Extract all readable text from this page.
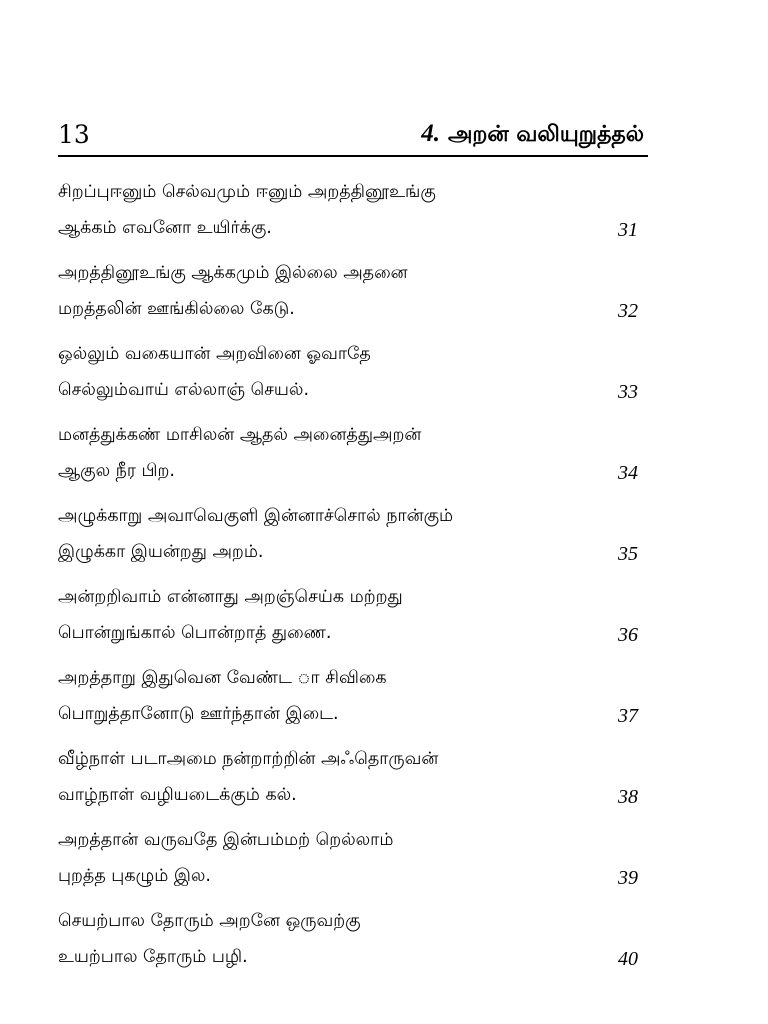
13	4. அறன் வலியுறுத்தல்
சிறப்புஈனும் செல்வமும் ஈனும் அறத்தினூஉங்கு
ஆக்கம் எவனோ உயிர்க்கு.	31
அறத்தினூஉங்கு ஆக்கமும் இல்லை அதனை
மறத்தலின் ஊங்கில்லை கேடு.	32
ஒல்லும் வகையான் அறவினை ஓவாதே
செல்லும்வாய் எல்லாஞ் செயல்.	33
மனத்துக்கண் மாசிலன் ஆதல் அனைத்துஅறன்
ஆகுல நீர பிற.	34
அழுக்காறு அவாவெகுளி இன்னாச்சொல் நான்கும்
இழுக்கா இயன்றது அறம்.	35
அன்றறிவாம் என்னாது அறஞ்செய்க மற்றது
பொன்றுங்கால் பொன்றாத் துணை.	36
அறத்தாறு இதுவென வேண்ட ா சிவிகை
பொறுத்தானோடு ஊர்ந்தான் இடை.	37
வீழ்நாள் படாஅமை நன்றாற்றின் அஃதொருவன்
வாழ்நாள் வழியடைக்கும் கல்.	38
அறத்தான் வருவதே இன்பம்மற் றெல்லாம்
புறத்த புகழும் இல.	39
செயற்பால தோரும் அறனே ஒருவற்கு
உயற்பால தோரும் பழி.	40
